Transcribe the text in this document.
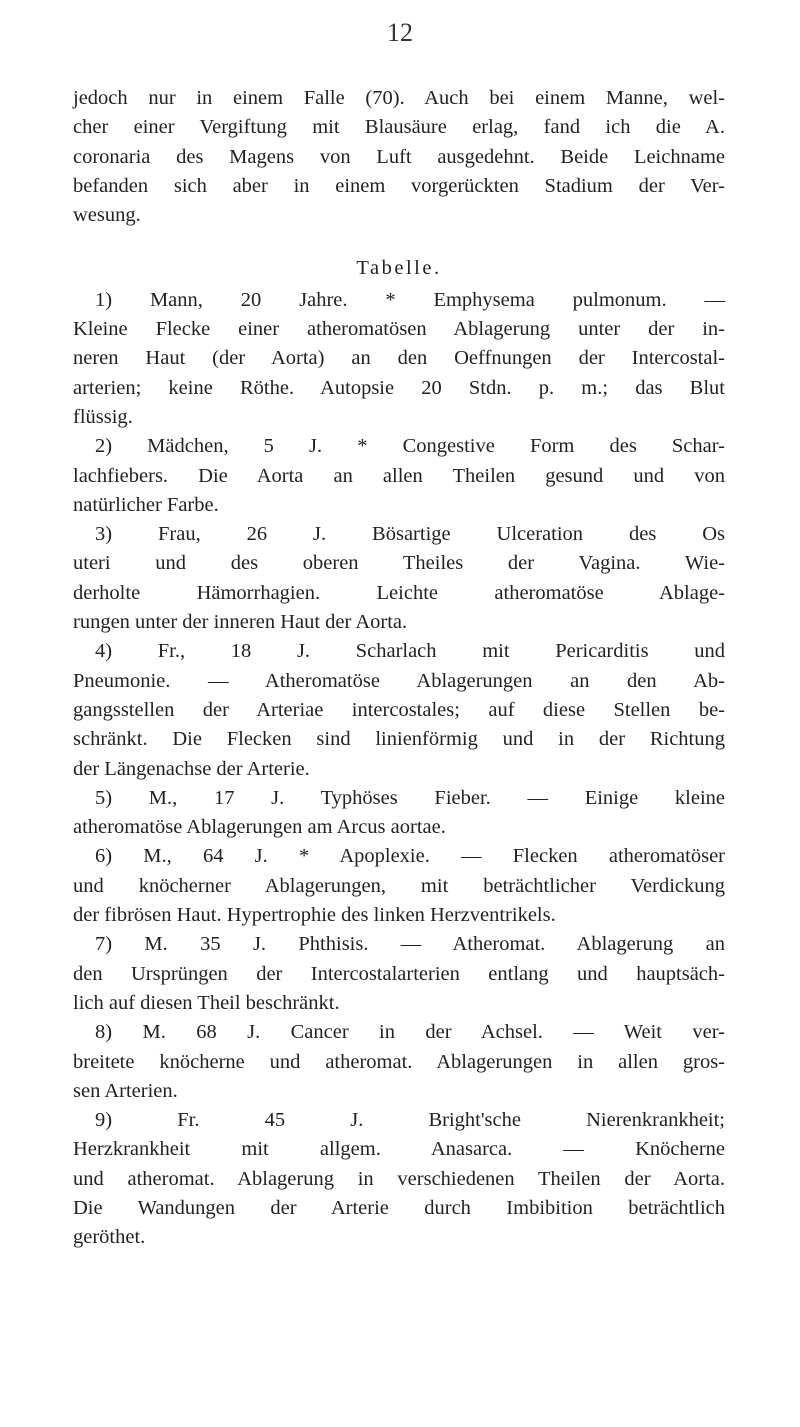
12
jedoch nur in einem Falle (70). Auch bei einem Manne, wel-
cher einer Vergiftung mit Blausäure erlag, fand ich die A.
coronaria des Magens von Luft ausgedehnt. Beide Leichname
befanden sich aber in einem vorgerückten Stadium der Ver-
wesung.
Tabelle.
1) Mann, 20 Jahre. * Emphysema pulmonum. —
Kleine Flecke einer atheromatösen Ablagerung unter der in-
neren Haut (der Aorta) an den Oeffnungen der Intercostal-
arterien; keine Röthe. Autopsie 20 Stdn. p. m.; das Blut
flüssig.
2) Mädchen, 5 J. * Congestive Form des Schar-
lachfiebers. Die Aorta an allen Theilen gesund und von
natürlicher Farbe.
3) Frau, 26 J. Bösartige Ulceration des Os
uteri und des oberen Theiles der Vagina. Wie-
derholte Hämorrhagien. Leichte atheromatöse Ablage-
rungen unter der inneren Haut der Aorta.
4) Fr., 18 J. Scharlach mit Pericarditis und
Pneumonie. — Atheromatöse Ablagerungen an den Ab-
gangsstellen der Arteriae intercostales; auf diese Stellen be-
schränkt. Die Flecken sind linienförmig und in der Richtung
der Längenachse der Arterie.
5) M., 17 J. Typhöses Fieber. — Einige kleine
atheromatöse Ablagerungen am Arcus aortae.
6) M., 64 J. * Apoplexie. — Flecken atheromatöser
und knöcherner Ablagerungen, mit beträchtlicher Verdickung
der fibrösen Haut. Hypertrophie des linken Herzventrikels.
7) M. 35 J. Phthisis. — Atheromat. Ablagerung an
den Ursprüngen der Intercostalarterien entlang und hauptsäch-
lich auf diesen Theil beschränkt.
8) M. 68 J. Cancer in der Achsel. — Weit ver-
breitete knöcherne und atheromat. Ablagerungen in allen gros-
sen Arterien.
9) Fr. 45 J. Bright'sche Nierenkrankheit;
Herzkrankheit mit allgem. Anasarca. — Knöcherne
und atheromat. Ablagerung in verschiedenen Theilen der Aorta.
Die Wandungen der Arterie durch Imbibition beträchtlich
geröthet.
